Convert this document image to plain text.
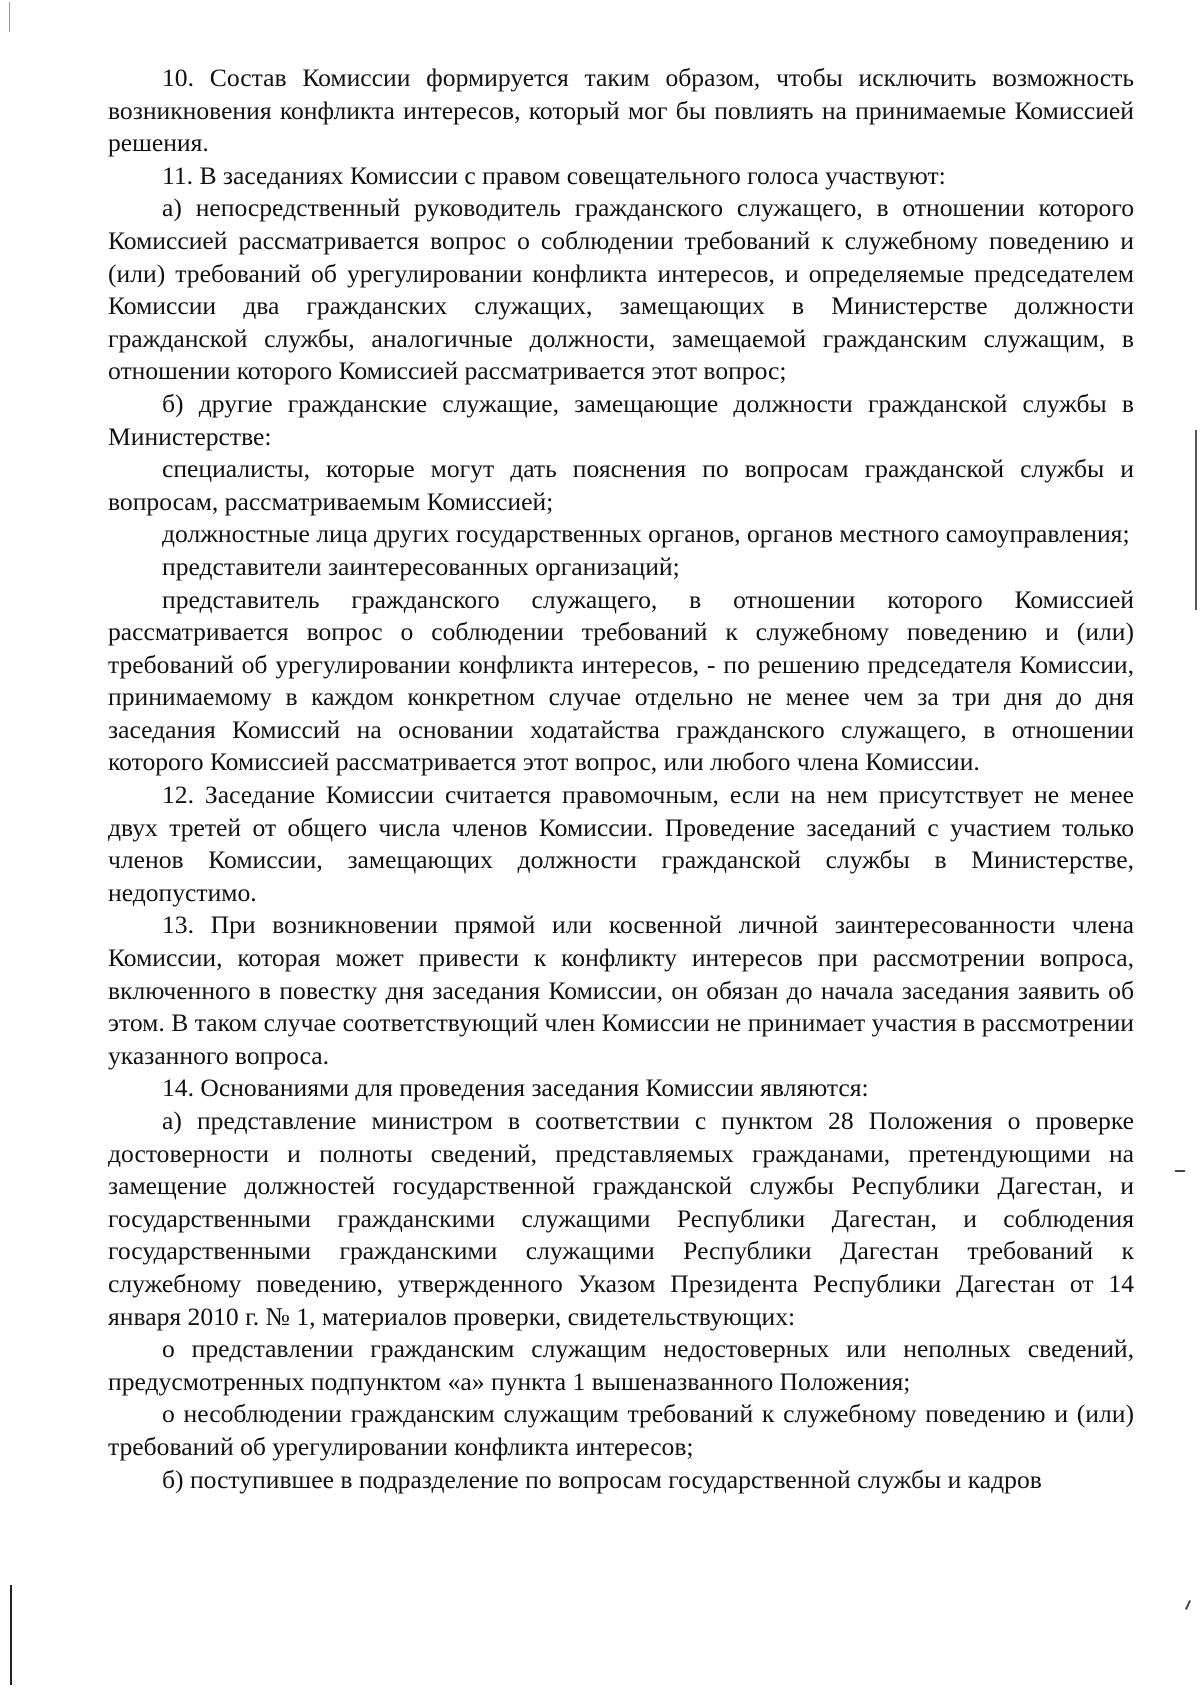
10. Состав Комиссии формируется таким образом, чтобы исключить возможность возникновения конфликта интересов, который мог бы повлиять на принимаемые Комиссией решения.

11. В заседаниях Комиссии с правом совещательного голоса участвуют:

а) непосредственный руководитель гражданского служащего, в отношении которого Комиссией рассматривается вопрос о соблюдении требований к служебному поведению и (или) требований об урегулировании конфликта интересов, и определяемые председателем Комиссии два гражданских служащих, замещающих в Министерстве должности гражданской службы, аналогичные должности, замещаемой гражданским служащим, в отношении которого Комиссией рассматривается этот вопрос;

б) другие гражданские служащие, замещающие должности гражданской службы в Министерстве:

специалисты, которые могут дать пояснения по вопросам гражданской службы и вопросам, рассматриваемым Комиссией;

должностные лица других государственных органов, органов местного самоуправления;

представители заинтересованных организаций;

представитель гражданского служащего, в отношении которого Комиссией рассматривается вопрос о соблюдении требований к служебному поведению и (или) требований об урегулировании конфликта интересов, - по решению председателя Комиссии, принимаемому в каждом конкретном случае отдельно не менее чем за три дня до дня заседания Комиссий на основании ходатайства гражданского служащего, в отношении которого Комиссией рассматривается этот вопрос, или любого члена Комиссии.

12. Заседание Комиссии считается правомочным, если на нем присутствует не менее двух третей от общего числа членов Комиссии. Проведение заседаний с участием только членов Комиссии, замещающих должности гражданской службы в Министерстве, недопустимо.

13. При возникновении прямой или косвенной личной заинтересованности члена Комиссии, которая может привести к конфликту интересов при рассмотрении вопроса, включенного в повестку дня заседания Комиссии, он обязан до начала заседания заявить об этом. В таком случае соответствующий член Комиссии не принимает участия в рассмотрении указанного вопроса.

14. Основаниями для проведения заседания Комиссии являются:

а) представление министром в соответствии с пунктом 28 Положения о проверке достоверности и полноты сведений, представляемых гражданами, претендующими на замещение должностей государственной гражданской службы Республики Дагестан, и государственными гражданскими служащими Республики Дагестан, и соблюдения государственными гражданскими служащими Республики Дагестан требований к служебному поведению, утвержденного Указом Президента Республики Дагестан от 14 января 2010 г. № 1, материалов проверки, свидетельствующих:

о представлении гражданским служащим недостоверных или неполных сведений, предусмотренных подпунктом «а» пункта 1 вышеназванного Положения;

о несоблюдении гражданским служащим требований к служебному поведению и (или) требований об урегулировании конфликта интересов;

б) поступившее в подразделение по вопросам государственной службы и кадров
